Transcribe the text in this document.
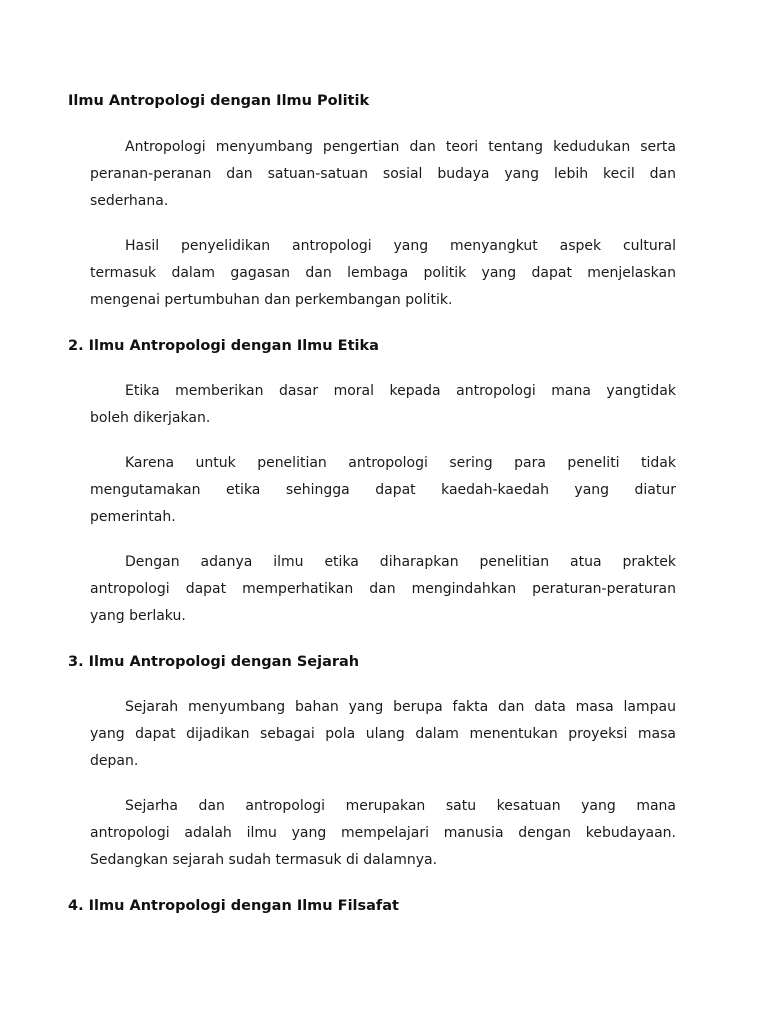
Ilmu Antropologi dengan Ilmu Politik
Antropologi menyumbang pengertian dan teori tentang kedudukan serta
peranan-peranan dan satuan-satuan sosial budaya yang lebih kecil dan
sederhana.
Hasil penyelidikan antropologi yang menyangkut aspek cultural
termasuk dalam gagasan dan lembaga politik yang dapat menjelaskan
mengenai pertumbuhan dan perkembangan politik.
2. Ilmu Antropologi dengan Ilmu Etika
Etika memberikan dasar moral kepada antropologi mana yangtidak
boleh dikerjakan.
Karena untuk penelitian antropologi sering para peneliti tidak
mengutamakan etika sehingga dapat kaedah-kaedah yang diatur
pemerintah.
Dengan adanya ilmu etika diharapkan penelitian atua praktek
antropologi dapat memperhatikan dan mengindahkan peraturan-peraturan
yang berlaku.
3. Ilmu Antropologi dengan Sejarah
Sejarah menyumbang bahan yang berupa fakta dan data masa lampau
yang dapat dijadikan sebagai pola ulang dalam menentukan proyeksi masa
depan.
Sejarha dan antropologi merupakan satu kesatuan yang mana
antropologi adalah ilmu yang mempelajari manusia dengan kebudayaan.
Sedangkan sejarah sudah termasuk di dalamnya.
4. Ilmu Antropologi dengan Ilmu Filsafat
